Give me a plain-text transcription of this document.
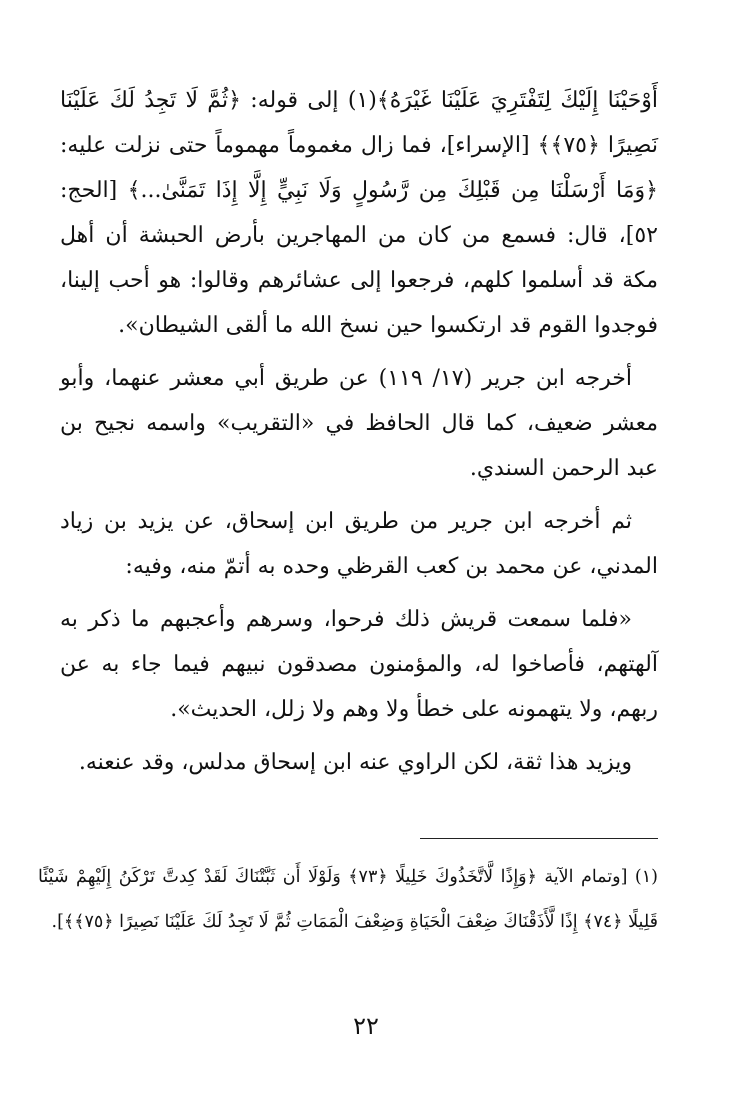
أَوْحَيْنَا إِلَيْكَ لِتَفْتَرِيَ عَلَيْنَا غَيْرَهُ﴾(١) إلى قوله: ﴿ثُمَّ لَا تَجِدُ لَكَ عَلَيْنَا نَصِيرًا ﴿٧٥﴾﴾ [الإسراء]، فما زال مغموماً مهموماً حتى نزلت عليه: ﴿وَمَا أَرْسَلْنَا مِن قَبْلِكَ مِن رَّسُولٍ وَلَا نَبِيٍّ إِلَّا إِذَا تَمَنَّىٰ...﴾ [الحج: ٥٢]، قال: فسمع من كان من المهاجرين بأرض الحبشة أن أهل مكة قد أسلموا كلهم، فرجعوا إلى عشائرهم وقالوا: هو أحب إلينا، فوجدوا القوم قد ارتكسوا حين نسخ الله ما ألقى الشيطان».

أخرجه ابن جرير (١٧/ ١١٩) عن طريق أبي معشر عنهما، وأبو معشر ضعيف، كما قال الحافظ في «التقريب» واسمه نجيح بن عبد الرحمن السندي.

ثم أخرجه ابن جرير من طريق ابن إسحاق، عن يزيد بن زياد المدني، عن محمد بن كعب القرظي وحده به أتمّ منه، وفيه:

«فلما سمعت قريش ذلك فرحوا، وسرهم وأعجبهم ما ذكر به آلهتهم، فأصاخوا له، والمؤمنون مصدقون نبيهم فيما جاء به عن ربهم، ولا يتهمونه على خطأ ولا وهم ولا زلل، الحديث».

ويزيد هذا ثقة، لكن الراوي عنه ابن إسحاق مدلس، وقد عنعنه.

(١) [وتمام الآية ﴿وَإِذًا لَّاتَّخَذُوكَ خَلِيلًا ﴿٧٣﴾ وَلَوْلَا أَن ثَبَّتْنَاكَ لَقَدْ كِدتَّ تَرْكَنُ إِلَيْهِمْ شَيْئًا قَلِيلًا ﴿٧٤﴾ إِذًا لَّأَذَقْنَاكَ ضِعْفَ الْحَيَاةِ وَضِعْفَ الْمَمَاتِ ثُمَّ لَا تَجِدُ لَكَ عَلَيْنَا نَصِيرًا ﴿٧٥﴾﴾].

٢٢
